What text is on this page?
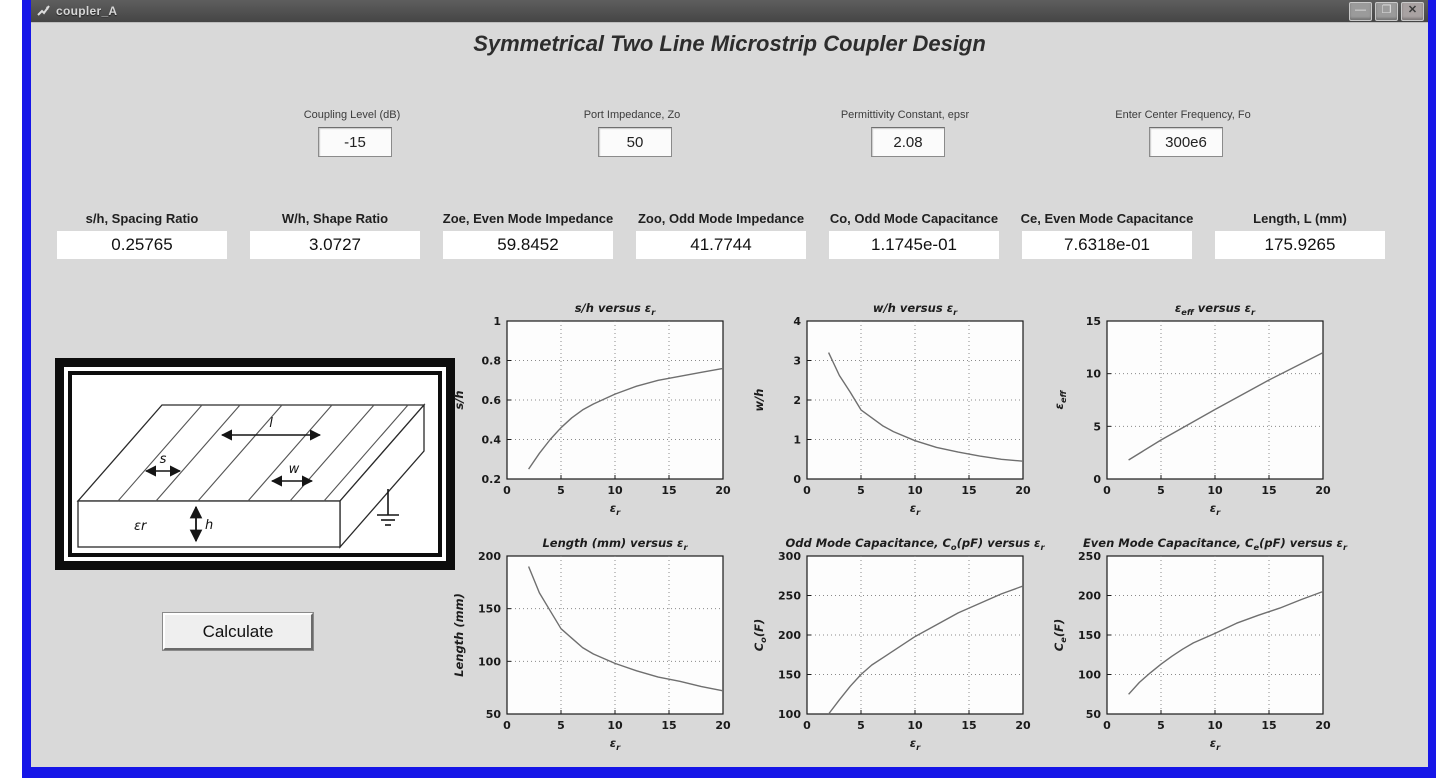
coupler_A	—	❐	✕
Symmetrical Two Line Microstrip Coupler Design
Coupling Level (dB)
-15	Port Impedance, Zo
50	Permittivity Constant, epsr
2.08	Enter Center Frequency, Fo
300e6
s/h, Spacing Ratio
0.25765
W/h, Shape Ratio
3.0727
Zoe, Even Mode Impedance
59.8452
Zoo, Odd Mode Impedance
41.7744
Co, Odd Mode Capacitance
1.1745e-01
Ce, Even Mode Capacitance
7.6318e-01
Length, L (mm)
175.9265
s
l
w
h
εr
Calculate
0	5	10	15	20
0.2
0.4
0.6
0.8
1
s/h versus $\varepsilon_r$
$\varepsilon_r$
s/h
0	5	10	15	20
0
1
2
3
4
w/h versus $\varepsilon_r$
$\varepsilon_r$
w/h
0	5	10	15	20
0
5
10
15
$\varepsilon_{eff}$ versus $\varepsilon_r$
$\varepsilon_r$
$\varepsilon_{eff}$
0	5	10	15	20
50
100
150
200
Length (mm) versus $\varepsilon_r$
$\varepsilon_r$
Length (mm)
0	5	10	15	20
100
150
200
250
300
Odd Mode Capacitance, $C_o(pF)$ versus $\varepsilon_r$
$\varepsilon_r$
$C_o(F)$
0	5	10	15	20
50
100
150
200
250
Even Mode Capacitance, $C_e(pF)$ versus $\varepsilon_r$
$\varepsilon_r$
$C_e(F)$
